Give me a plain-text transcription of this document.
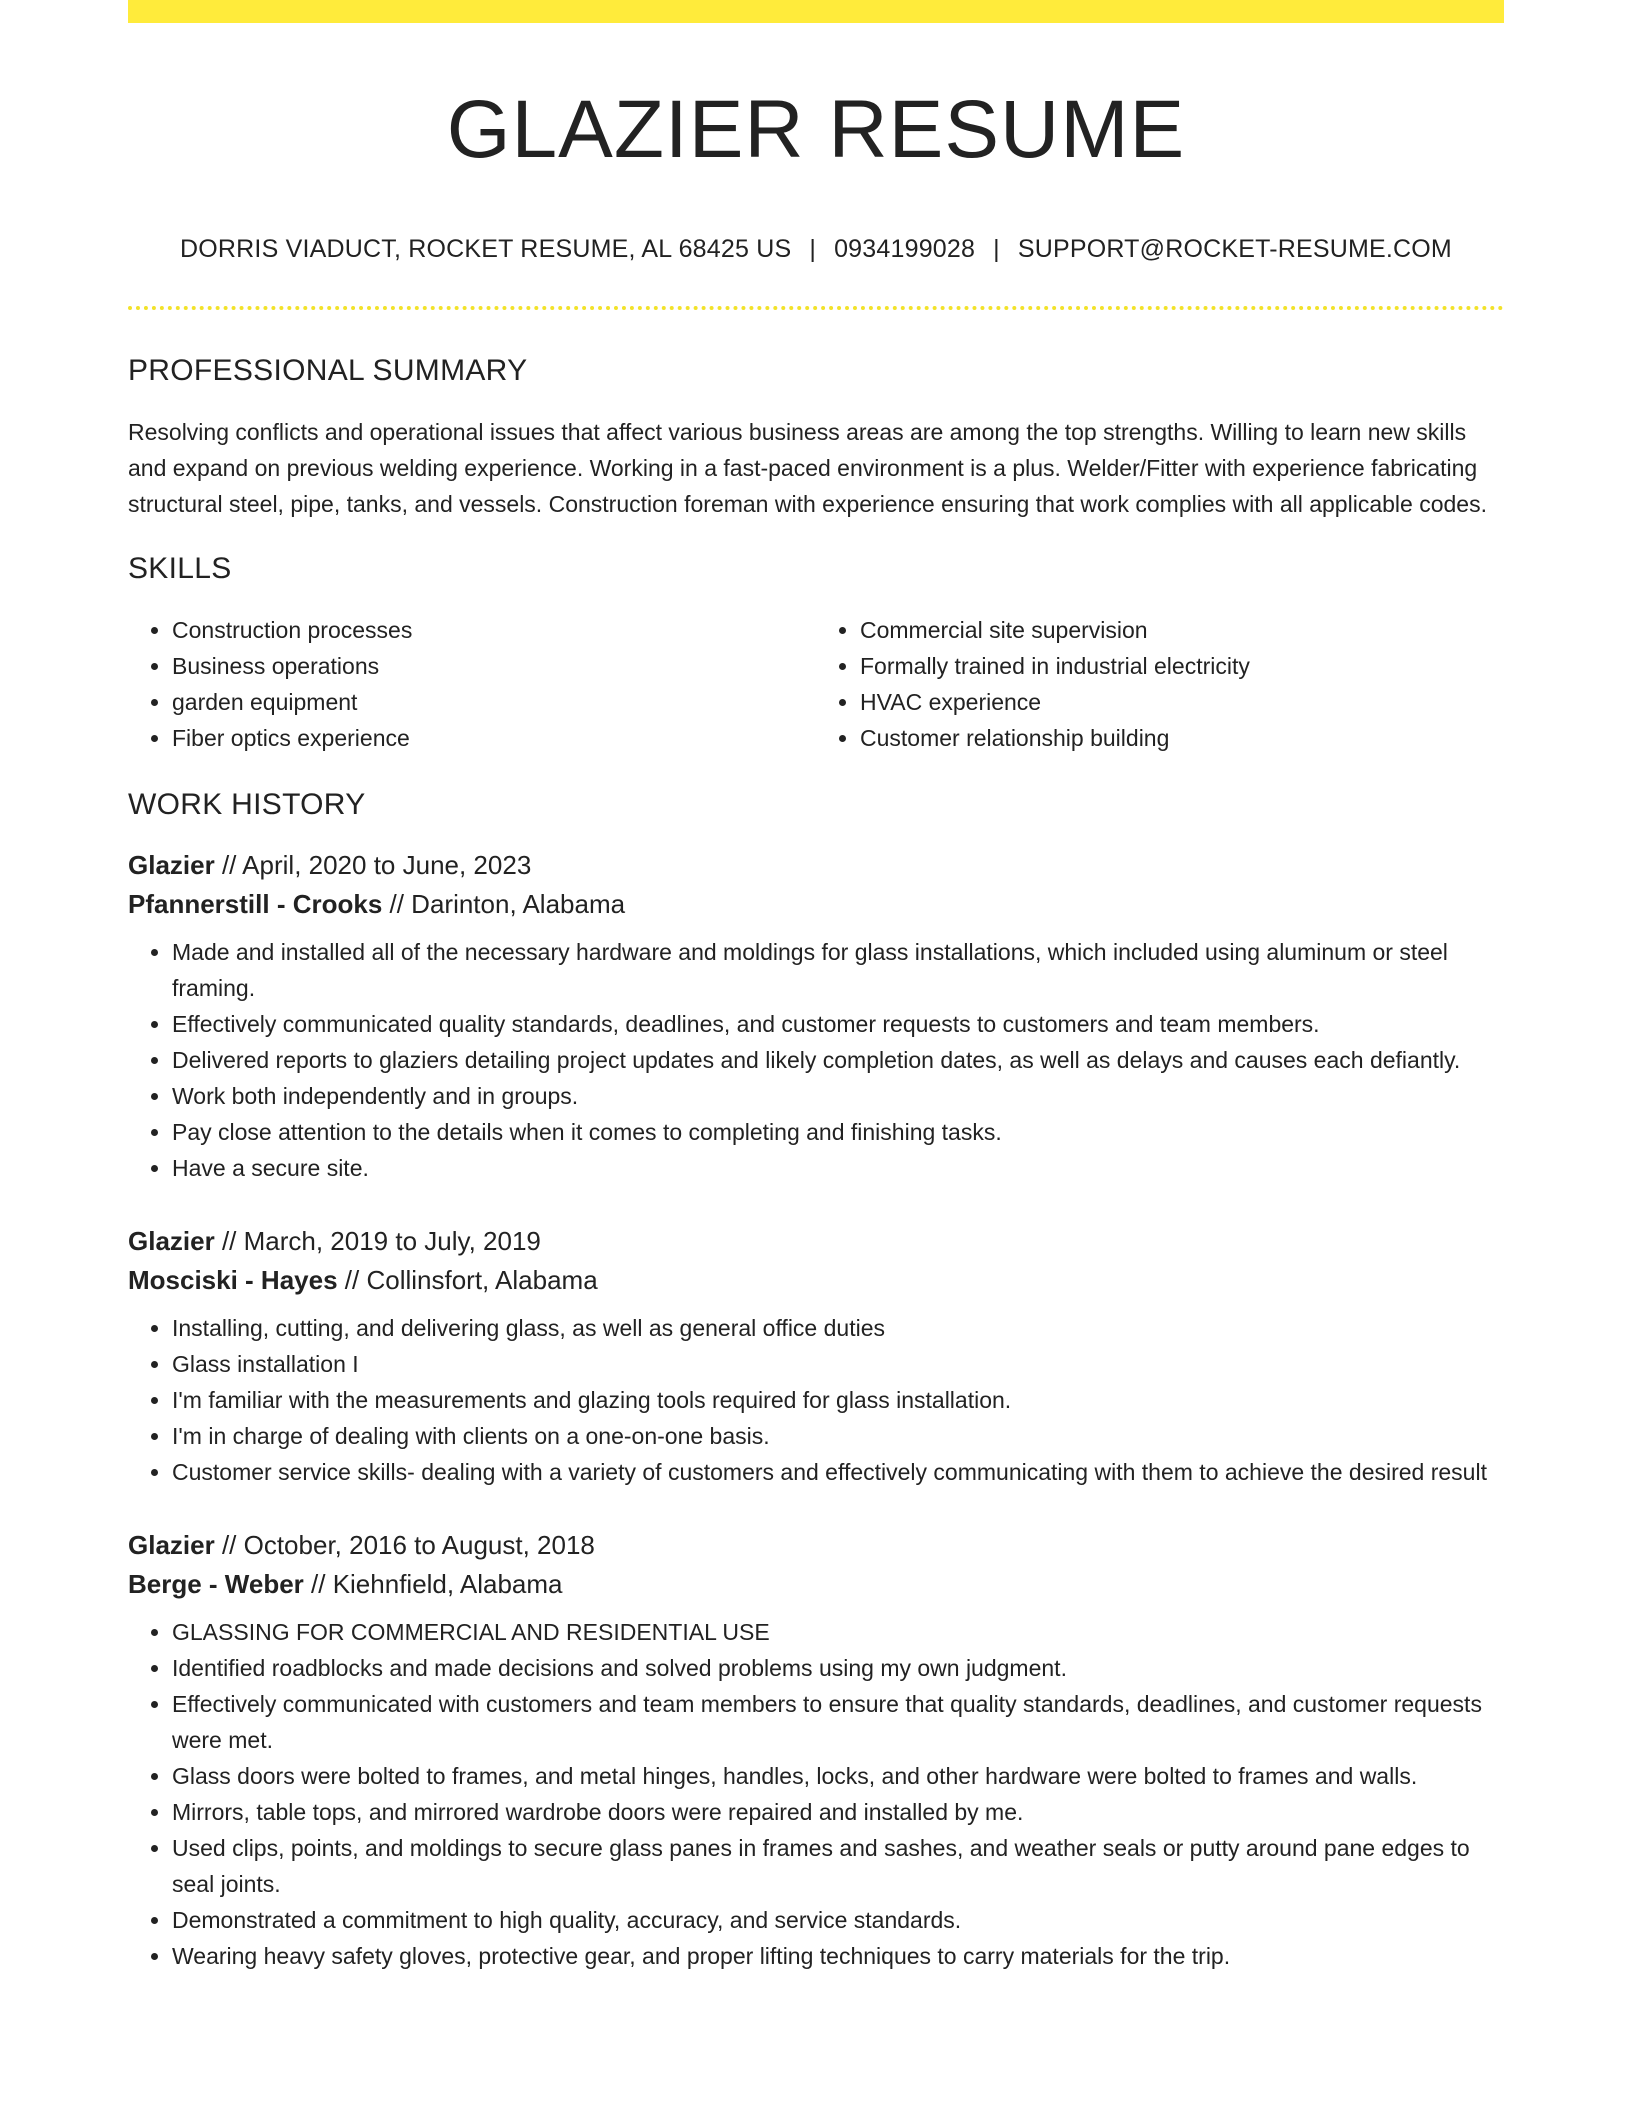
GLAZIER RESUME
DORRIS VIADUCT, ROCKET RESUME, AL 68425 US | 0934199028 | SUPPORT@ROCKET-RESUME.COM
PROFESSIONAL SUMMARY

Resolving conflicts and operational issues that affect various business areas are among the top strengths. Willing to learn new skills and expand on previous welding experience. Working in a fast-paced environment is a plus. Welder/Fitter with experience fabricating structural steel, pipe, tanks, and vessels. Construction foreman with experience ensuring that work complies with all applicable codes.

SKILLS
• Construction processes
• Business operations
• garden equipment
• Fiber optics experience
• Commercial site supervision
• Formally trained in industrial electricity
• HVAC experience
• Customer relationship building
WORK HISTORY
Glazier // April, 2020 to June, 2023
Pfannerstill - Crooks // Darinton, Alabama
• Made and installed all of the necessary hardware and moldings for glass installations, which included using aluminum or steel framing.
• Effectively communicated quality standards, deadlines, and customer requests to customers and team members.
• Delivered reports to glaziers detailing project updates and likely completion dates, as well as delays and causes each defiantly.
• Work both independently and in groups.
• Pay close attention to the details when it comes to completing and finishing tasks.
• Have a secure site.
Glazier // March, 2019 to July, 2019
Mosciski - Hayes // Collinsfort, Alabama
• Installing, cutting, and delivering glass, as well as general office duties
• Glass installation I
• I'm familiar with the measurements and glazing tools required for glass installation.
• I'm in charge of dealing with clients on a one-on-one basis.
• Customer service skills- dealing with a variety of customers and effectively communicating with them to achieve the desired result
Glazier // October, 2016 to August, 2018
Berge - Weber // Kiehnfield, Alabama
• GLASSING FOR COMMERCIAL AND RESIDENTIAL USE
• Identified roadblocks and made decisions and solved problems using my own judgment.
• Effectively communicated with customers and team members to ensure that quality standards, deadlines, and customer requests were met.
• Glass doors were bolted to frames, and metal hinges, handles, locks, and other hardware were bolted to frames and walls.
• Mirrors, table tops, and mirrored wardrobe doors were repaired and installed by me.
• Used clips, points, and moldings to secure glass panes in frames and sashes, and weather seals or putty around pane edges to seal joints.
• Demonstrated a commitment to high quality, accuracy, and service standards.
• Wearing heavy safety gloves, protective gear, and proper lifting techniques to carry materials for the trip.
